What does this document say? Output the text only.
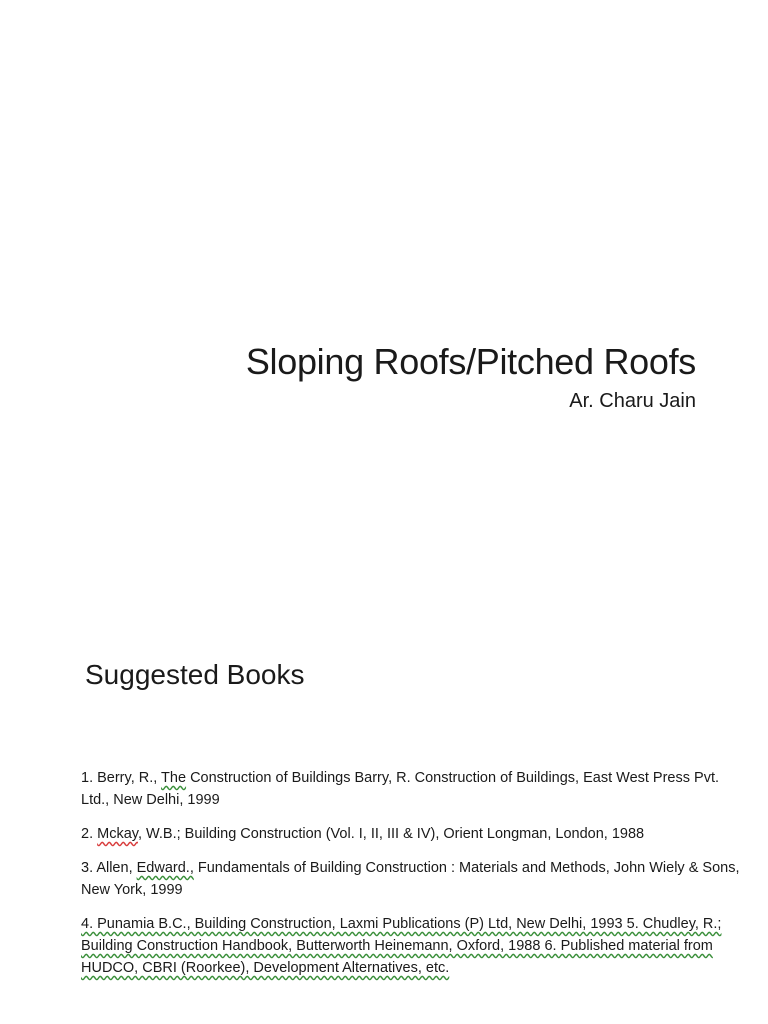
Sloping Roofs/Pitched Roofs

Ar. Charu Jain

Suggested Books
1. Berry, R., The Construction of Buildings Barry, R. Construction of Buildings, East West Press Pvt. Ltd., New Delhi, 1999
2. Mckay, W.B.; Building Construction (Vol. I, II, III & IV), Orient Longman, London, 1988
3. Allen, Edward., Fundamentals of Building Construction : Materials and Methods, John Wiely & Sons, New York, 1999
4. Punamia B.C., Building Construction, Laxmi Publications (P) Ltd, New Delhi, 1993 5. Chudley, R.; Building Construction Handbook, Butterworth Heinemann, Oxford, 1988 6. Published material from HUDCO, CBRI (Roorkee), Development Alternatives, etc.
